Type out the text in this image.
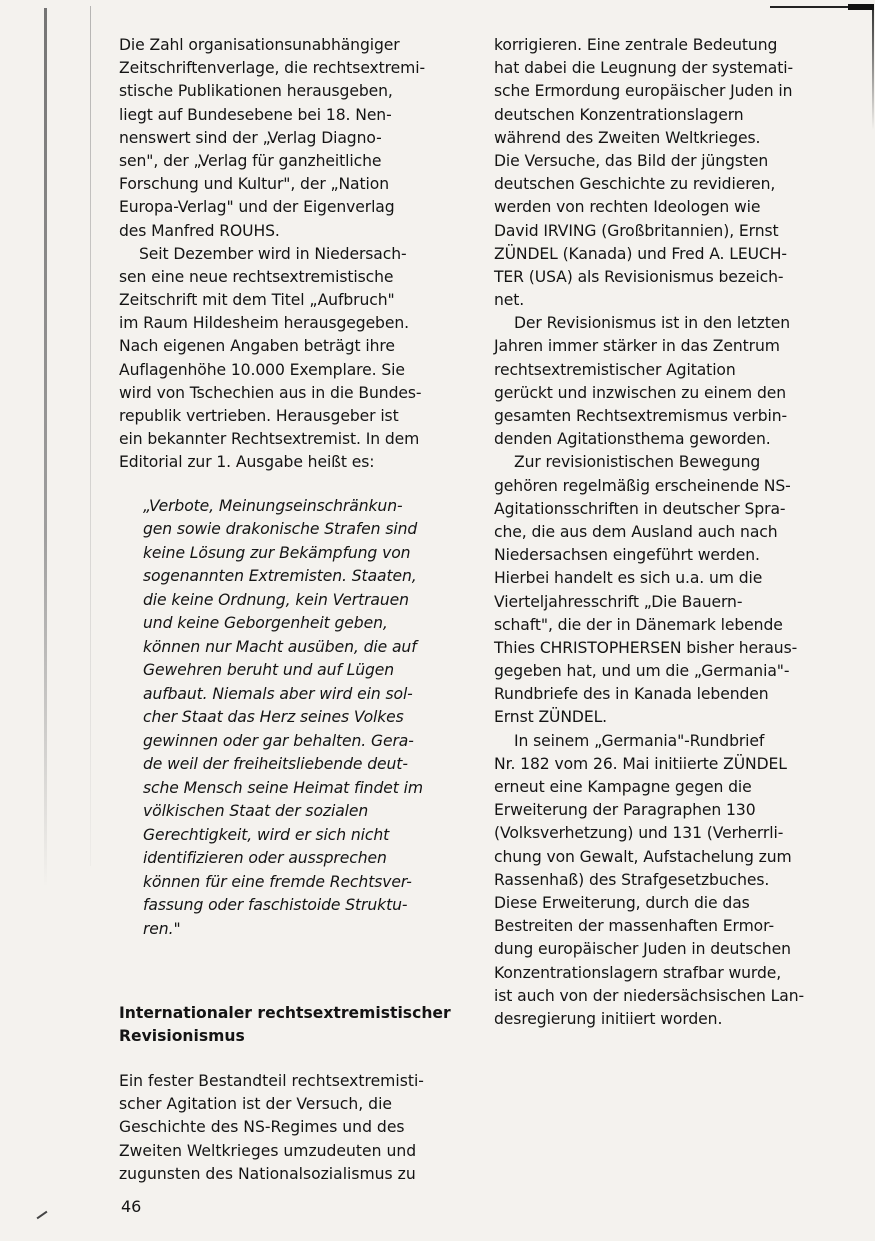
Die Zahl organisationsunabhängiger
Zeitschriftenverlage, die rechtsextremi-
stische Publikationen herausgeben,
liegt auf Bundesebene bei 18. Nen-
nenswert sind der „Verlag Diagno-
sen", der „Verlag für ganzheitliche
Forschung und Kultur", der „Nation
Europa-Verlag" und der Eigenverlag
des Manfred ROUHS.
Seit Dezember wird in Niedersach-
sen eine neue rechtsextremistische
Zeitschrift mit dem Titel „Aufbruch"
im Raum Hildesheim herausgegeben.
Nach eigenen Angaben beträgt ihre
Auflagenhöhe 10.000 Exemplare. Sie
wird von Tschechien aus in die Bundes-
republik vertrieben. Herausgeber ist
ein bekannter Rechtsextremist. In dem
Editorial zur 1. Ausgabe heißt es:
„Verbote, Meinungseinschränkun-
gen sowie drakonische Strafen sind
keine Lösung zur Bekämpfung von
sogenannten Extremisten. Staaten,
die keine Ordnung, kein Vertrauen
und keine Geborgenheit geben,
können nur Macht ausüben, die auf
Gewehren beruht und auf Lügen
aufbaut. Niemals aber wird ein sol-
cher Staat das Herz seines Volkes
gewinnen oder gar behalten. Gera-
de weil der freiheitsliebende deut-
sche Mensch seine Heimat findet im
völkischen Staat der sozialen
Gerechtigkeit, wird er sich nicht
identifizieren oder aussprechen
können für eine fremde Rechtsver-
fassung oder faschistoide Struktu-
ren."
Internationaler rechtsextremistischer
Revisionismus
Ein fester Bestandteil rechtsextremisti-
scher Agitation ist der Versuch, die
Geschichte des NS-Regimes und des
Zweiten Weltkrieges umzudeuten und
zugunsten des Nationalsozialismus zu
korrigieren. Eine zentrale Bedeutung
hat dabei die Leugnung der systemati-
sche Ermordung europäischer Juden in
deutschen Konzentrationslagern
während des Zweiten Weltkrieges.
Die Versuche, das Bild der jüngsten
deutschen Geschichte zu revidieren,
werden von rechten Ideologen wie
David IRVING (Großbritannien), Ernst
ZÜNDEL (Kanada) und Fred A. LEUCH-
TER (USA) als Revisionismus bezeich-
net.
Der Revisionismus ist in den letzten
Jahren immer stärker in das Zentrum
rechtsextremistischer Agitation
gerückt und inzwischen zu einem den
gesamten Rechtsextremismus verbin-
denden Agitationsthema geworden.
Zur revisionistischen Bewegung
gehören regelmäßig erscheinende NS-
Agitationsschriften in deutscher Spra-
che, die aus dem Ausland auch nach
Niedersachsen eingeführt werden.
Hierbei handelt es sich u.a. um die
Vierteljahresschrift „Die Bauern-
schaft", die der in Dänemark lebende
Thies CHRISTOPHERSEN bisher heraus-
gegeben hat, und um die „Germania"-
Rundbriefe des in Kanada lebenden
Ernst ZÜNDEL.
In seinem „Germania"-Rundbrief
Nr. 182 vom 26. Mai initiierte ZÜNDEL
erneut eine Kampagne gegen die
Erweiterung der Paragraphen 130
(Volksverhetzung) und 131 (Verherrli-
chung von Gewalt, Aufstachelung zum
Rassenhaß) des Strafgesetzbuches.
Diese Erweiterung, durch die das
Bestreiten der massenhaften Ermor-
dung europäischer Juden in deutschen
Konzentrationslagern strafbar wurde,
ist auch von der niedersächsischen Lan-
desregierung initiiert worden.
46
